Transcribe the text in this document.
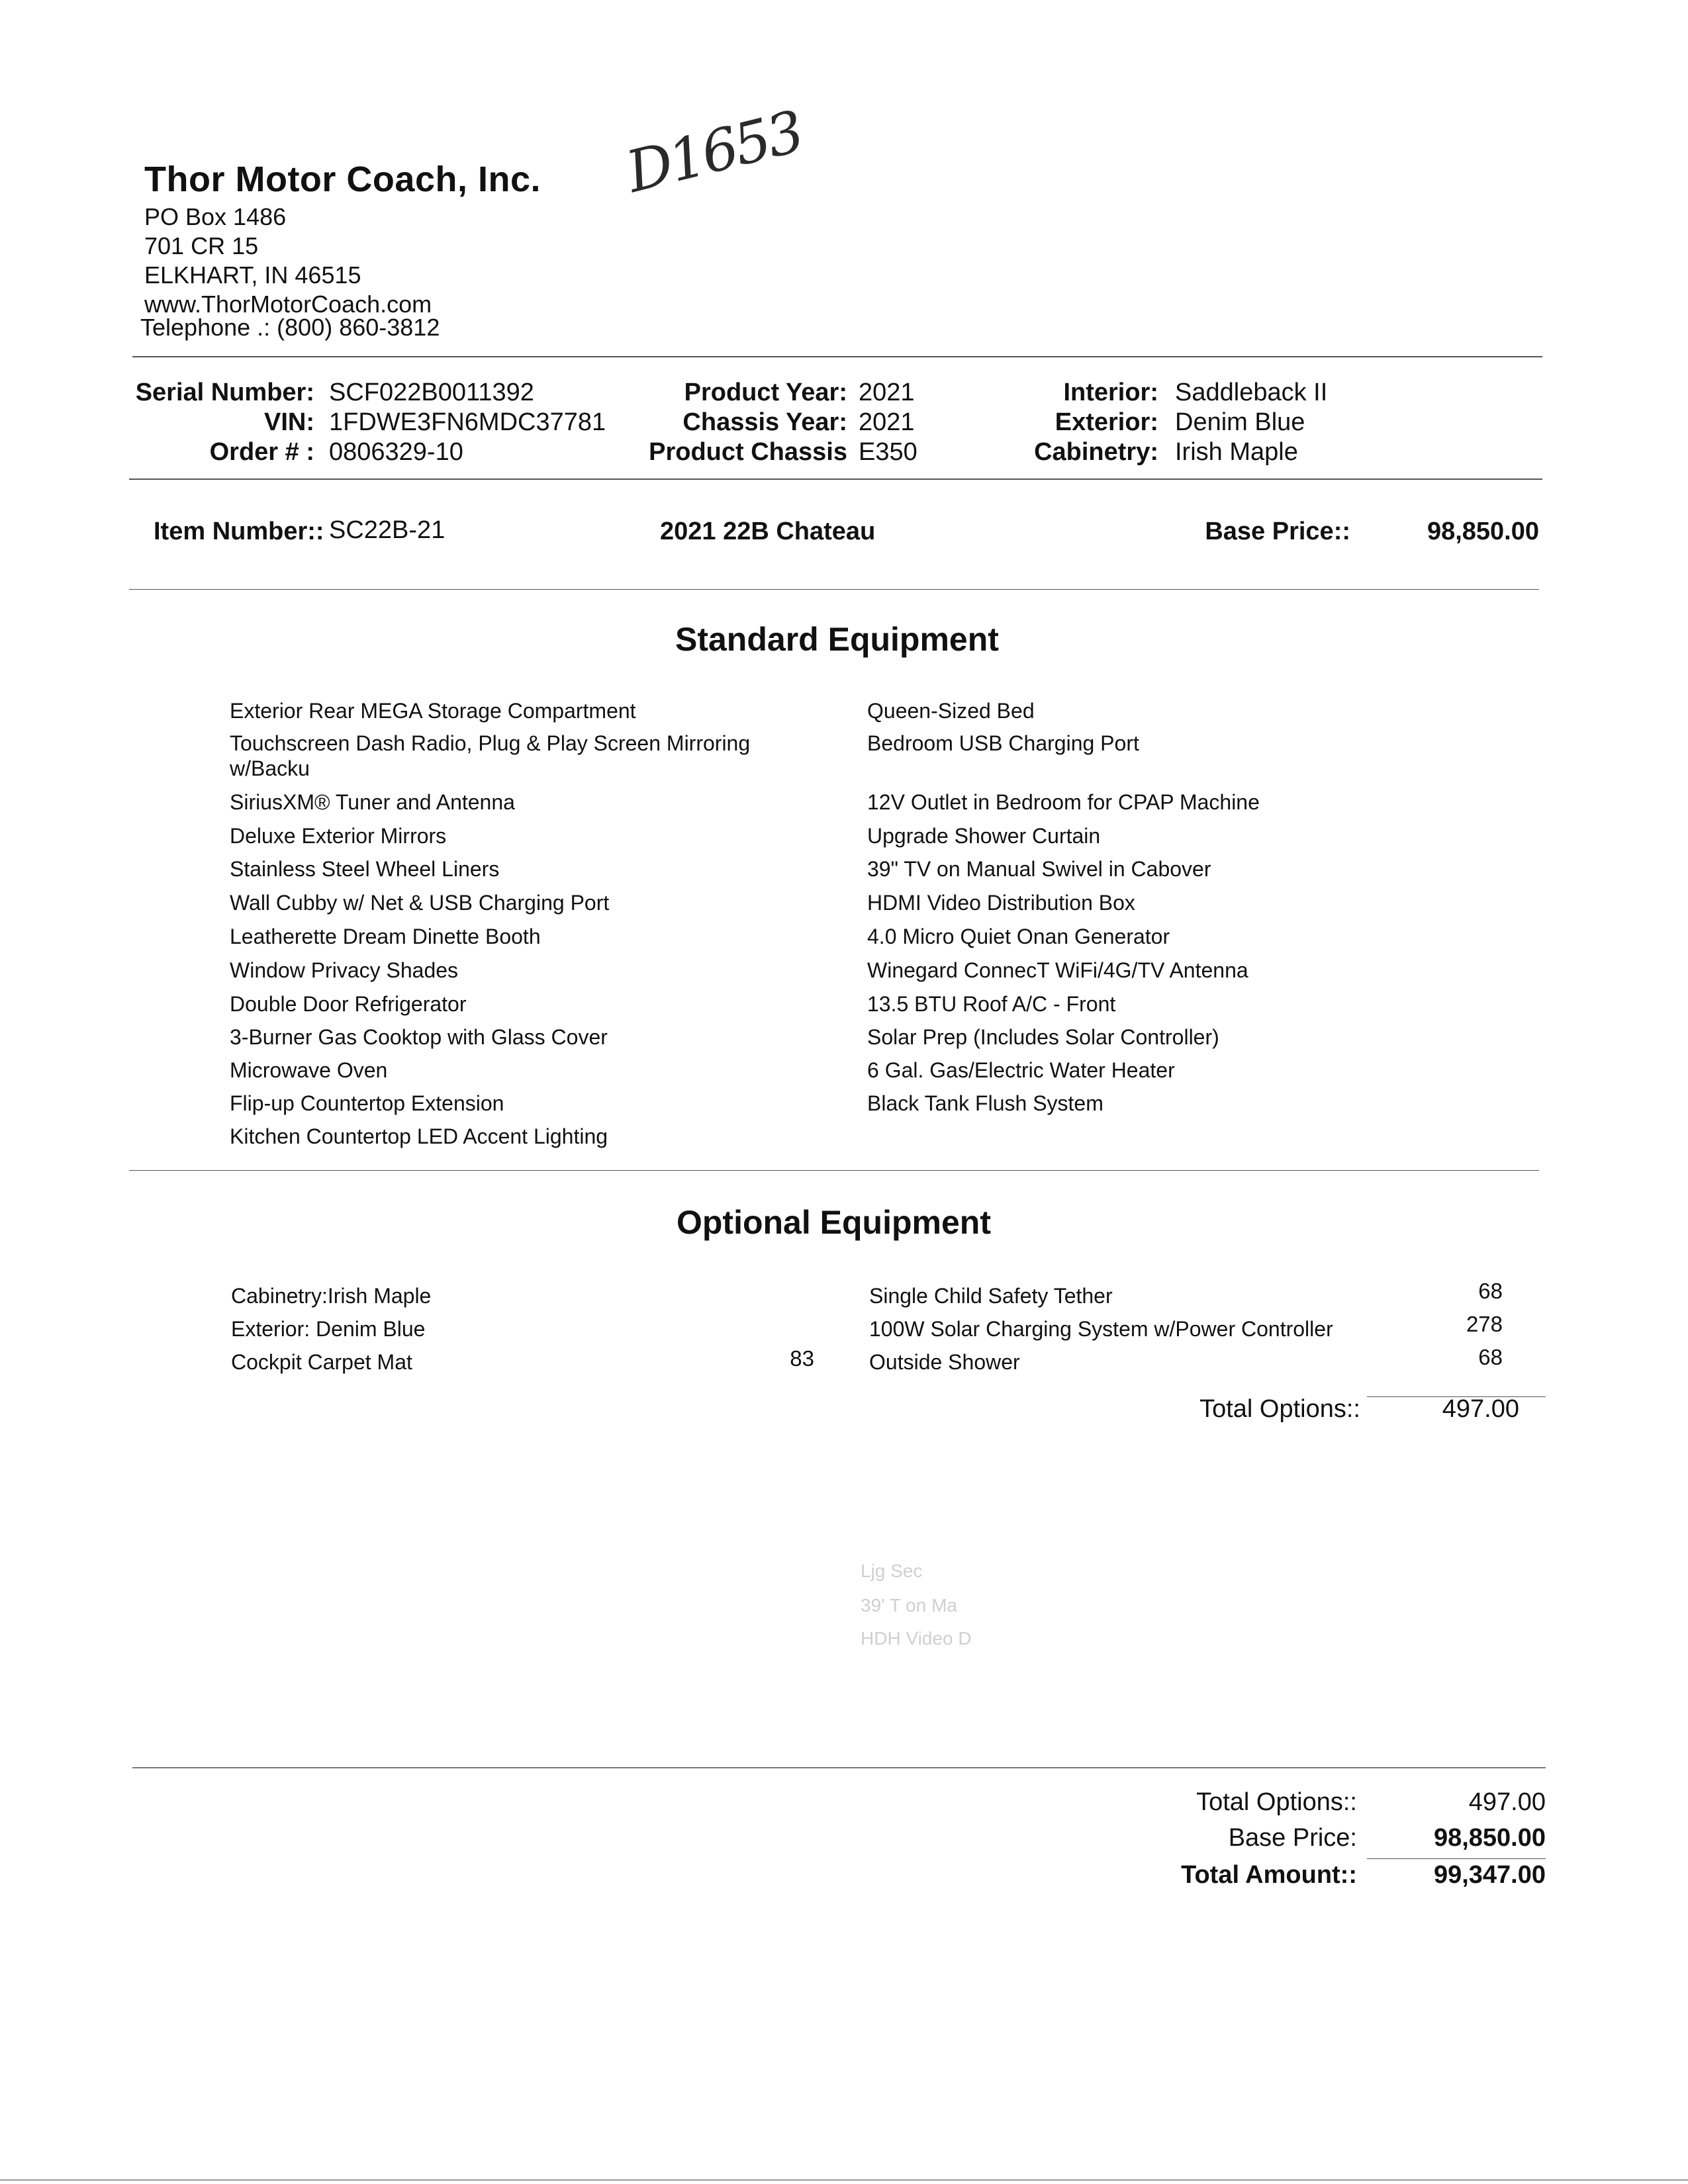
Thor Motor Coach, Inc.
PO Box 1486
701 CR 15
ELKHART, IN 46515
www.ThorMotorCoach.com
Telephone .: (800) 860-3812
D1653
Serial Number: SCF022B0011392
VIN: 1FDWE3FN6MDC37781
Order # : 0806329-10
Product Year: 2021
Chassis Year: 2021
Product Chassis E350
Interior: Saddleback II
Exterior: Denim Blue
Cabinetry: Irish Maple
Item Number:: SC22B-21	2021 22B Chateau	Base Price::	98,850.00
Standard Equipment
Exterior Rear MEGA Storage Compartment
Touchscreen Dash Radio, Plug & Play Screen Mirroring
w/Backu
SiriusXM® Tuner and Antenna
Deluxe Exterior Mirrors
Stainless Steel Wheel Liners
Wall Cubby w/ Net & USB Charging Port
Leatherette Dream Dinette Booth
Window Privacy Shades
Double Door Refrigerator
3-Burner Gas Cooktop with Glass Cover
Microwave Oven
Flip-up Countertop Extension
Kitchen Countertop LED Accent Lighting
Queen-Sized Bed
Bedroom USB Charging Port
12V Outlet in Bedroom for CPAP Machine
Upgrade Shower Curtain
39" TV on Manual Swivel in Cabover
HDMI Video Distribution Box
4.0 Micro Quiet Onan Generator
Winegard ConnecT WiFi/4G/TV Antenna
13.5 BTU Roof A/C - Front
Solar Prep (Includes Solar Controller)
6 Gal. Gas/Electric Water Heater
Black Tank Flush System
Optional Equipment
Cabinetry:Irish Maple
Exterior: Denim Blue
Cockpit Carpet Mat	83
Single Child Safety Tether	68
100W Solar Charging System w/Power Controller	278
Outside Shower	68
Total Options::	497.00
Ljg Sec
39' T on Ma
HDH Video D
Total Options::	497.00
Base Price:	98,850.00
Total Amount::	99,347.00
